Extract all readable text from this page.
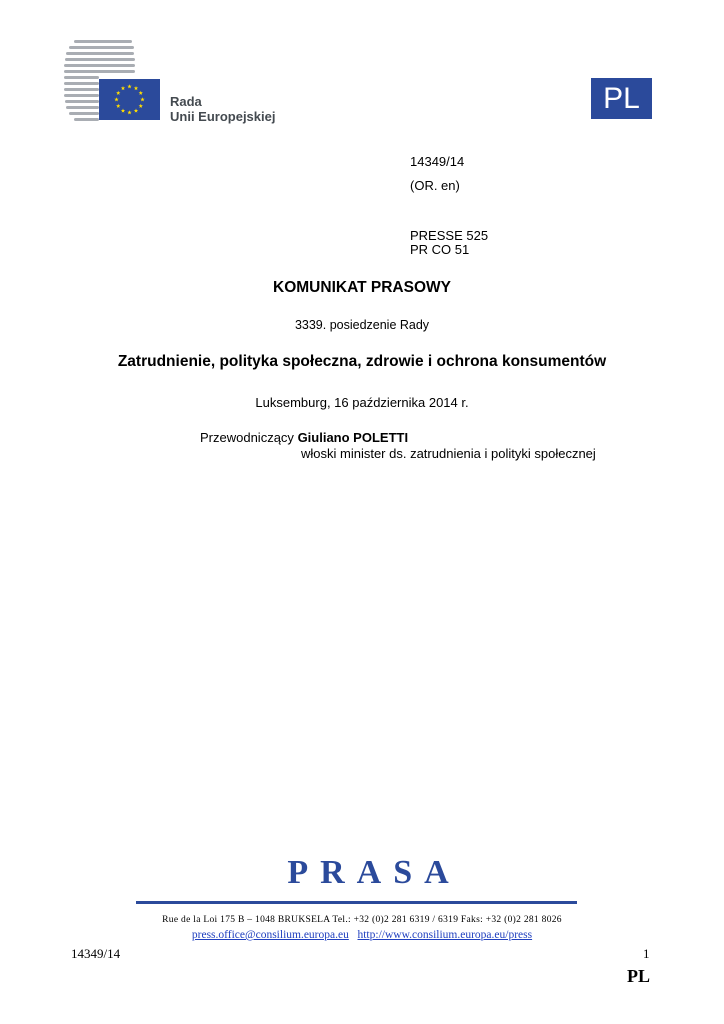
Rada
Unii Europejskiej
PL
14349/14
(OR. en)
PRESSE 525
PR CO 51
KOMUNIKAT PRASOWY
3339. posiedzenie Rady
Zatrudnienie, polityka społeczna, zdrowie i ochrona konsumentów
Luksemburg, 16 października 2014 r.
Przewodniczący Giuliano POLETTI
włoski minister ds. zatrudnienia i polityki społecznej
PRASA
Rue de la Loi 175 B – 1048 BRUKSELA Tel.: +32 (0)2 281 6319 / 6319 Faks: +32 (0)2 281 8026
press.office@consilium.europa.eu http://www.consilium.europa.eu/press
14349/14	1
PL
